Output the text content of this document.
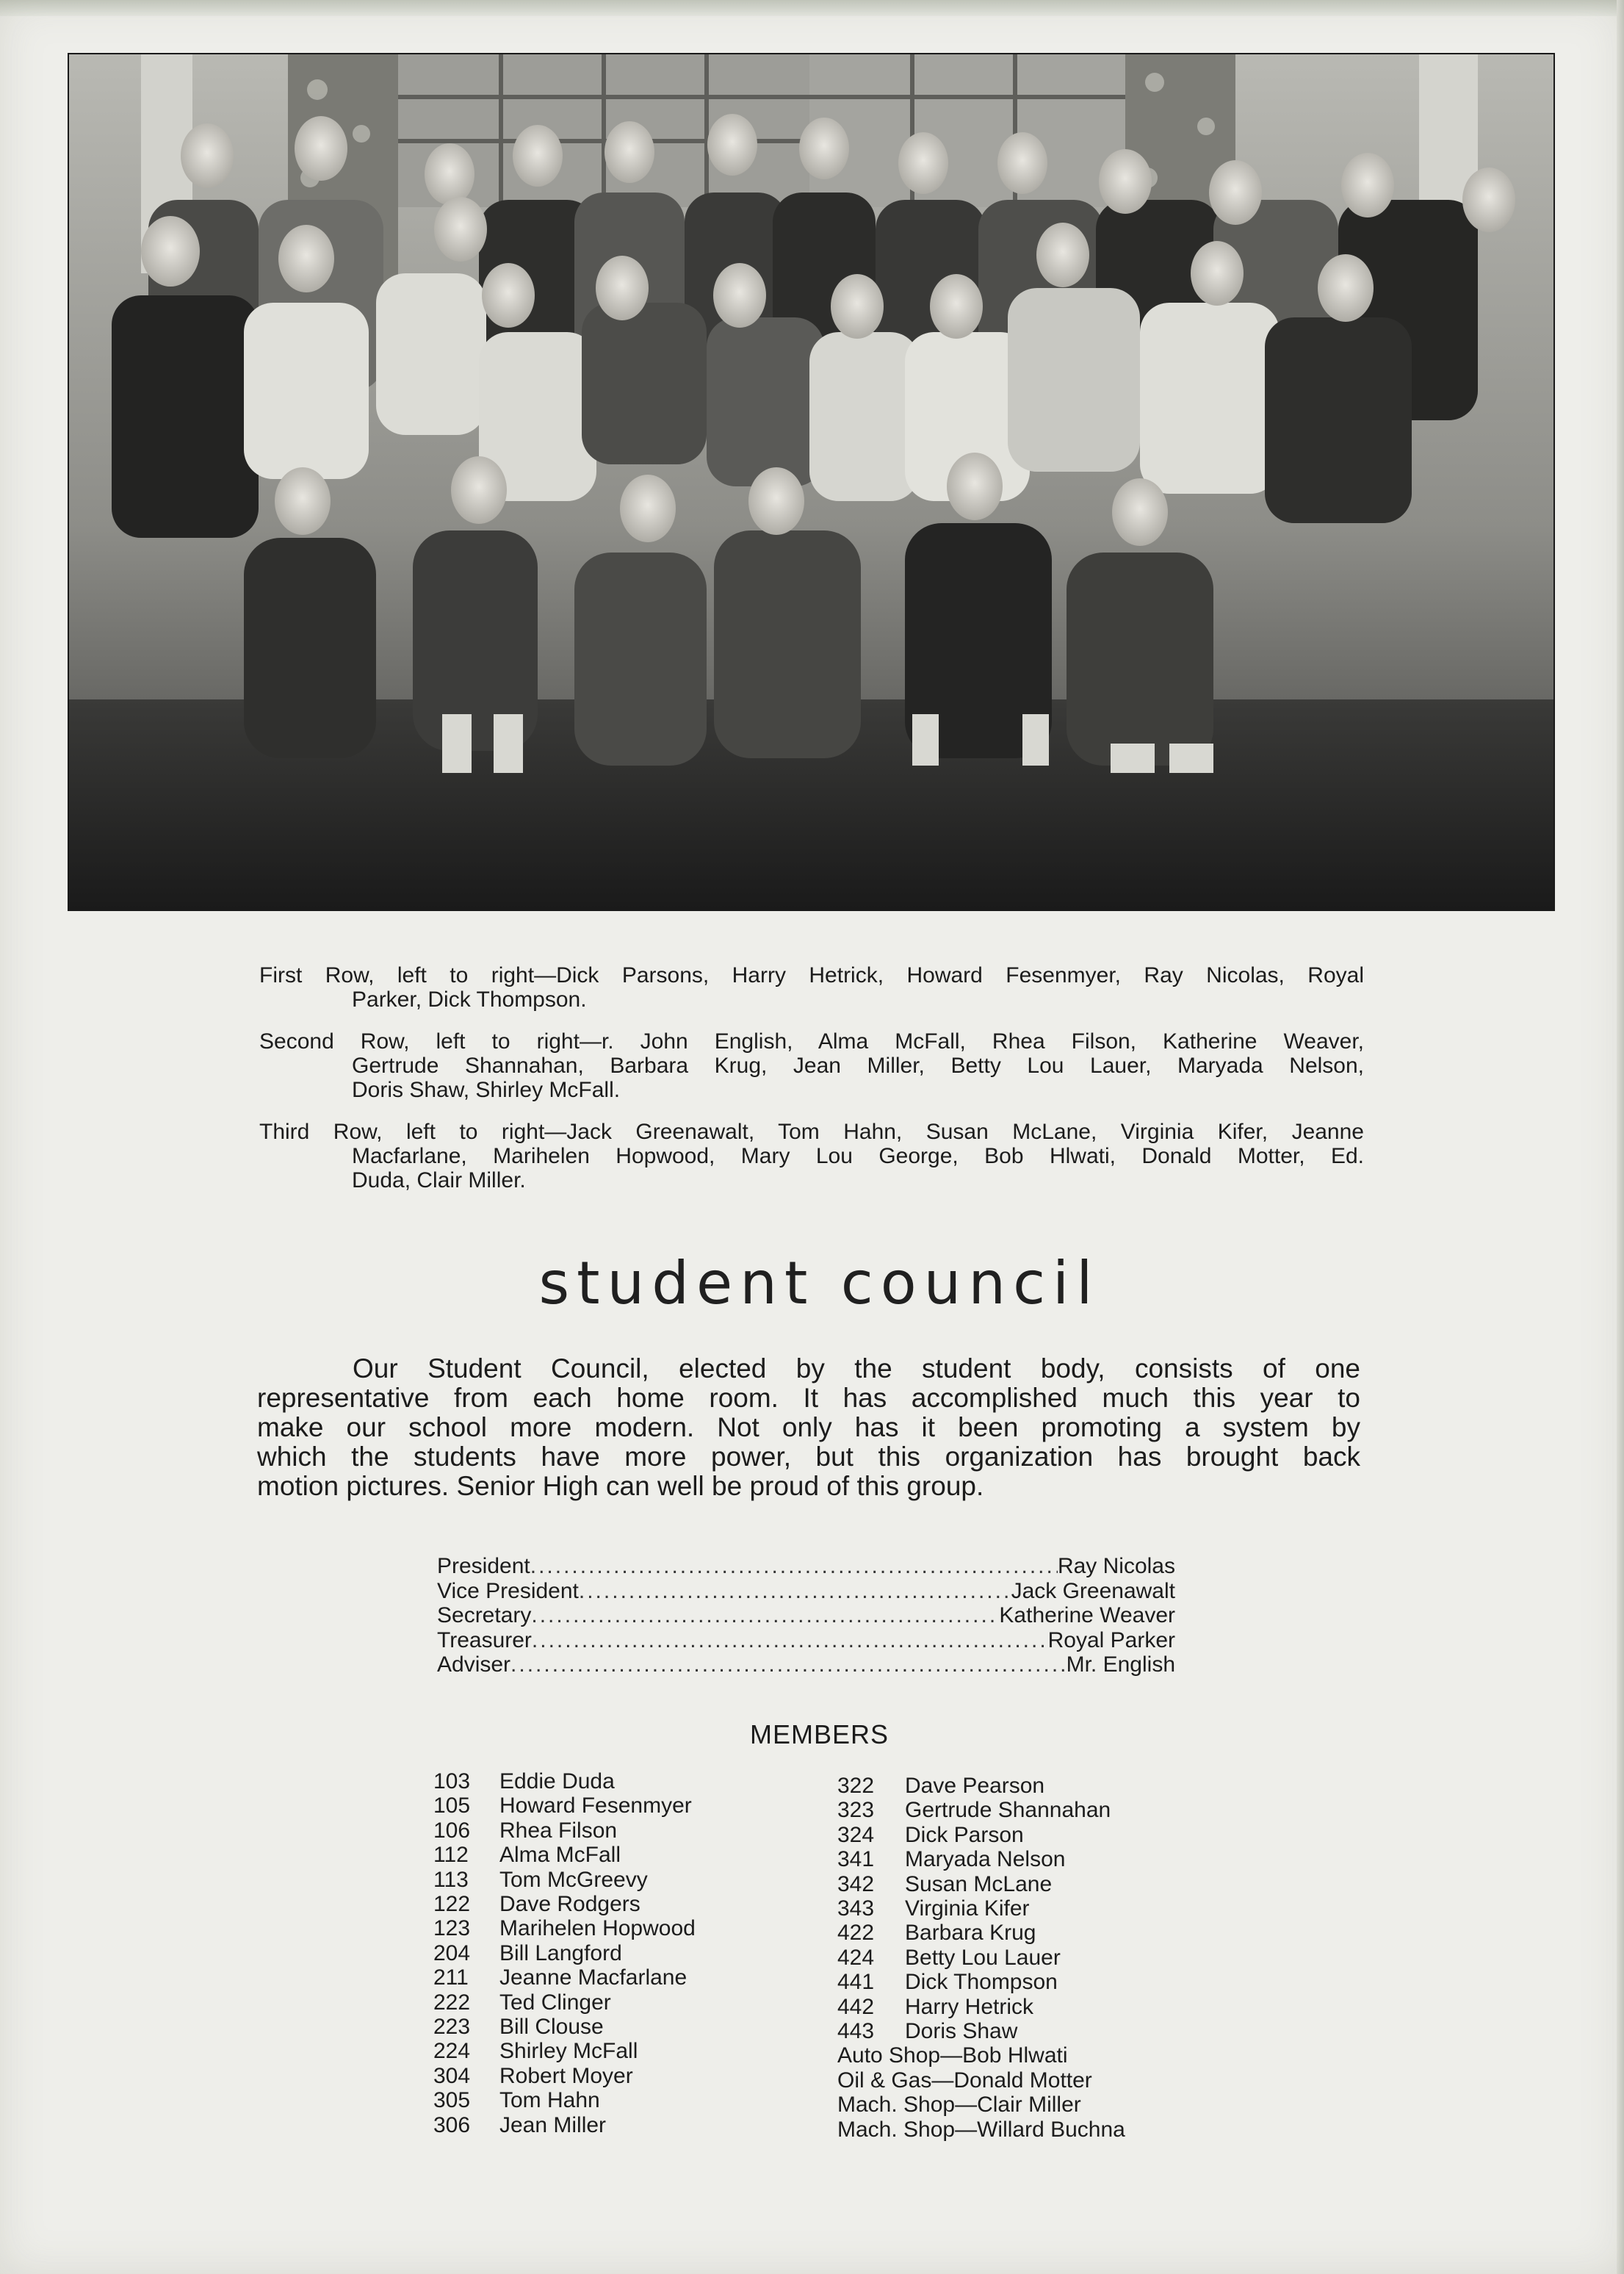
First Row, left to right—Dick Parsons, Harry Hetrick, Howard Fesenmyer, Ray Nicolas, Royal
Parker, Dick Thompson.
Second Row, left to right—r. John English, Alma McFall, Rhea Filson, Katherine Weaver,
Gertrude Shannahan, Barbara Krug, Jean Miller, Betty Lou Lauer, Maryada Nelson,
Doris Shaw, Shirley McFall.
Third Row, left to right—Jack Greenawalt, Tom Hahn, Susan McLane, Virginia Kifer, Jeanne
Macfarlane, Marihelen Hopwood, Mary Lou George, Bob Hlwati, Donald Motter, Ed.
Duda, Clair Miller.
student council
Our Student Council, elected by the student body, consists of one
representative from each home room. It has accomplished much this year to
make our school more modern. Not only has it been promoting a system by
which the students have more power, but this organization has brought back
motion pictures. Senior High can well be proud of this group.
President .....	Ray Nicolas
Vice President .....	Jack Greenawalt
Secretary .....	Katherine Weaver
Treasurer .....	Royal Parker
Adviser .....	Mr. English
MEMBERS
103	Eddie Duda
105	Howard Fesenmyer
106	Rhea Filson
112	Alma McFall
113	Tom McGreevy
122	Dave Rodgers
123	Marihelen Hopwood
204	Bill Langford
211	Jeanne Macfarlane
222	Ted Clinger
223	Bill Clouse
224	Shirley McFall
304	Robert Moyer
305	Tom Hahn
306	Jean Miller
322	Dave Pearson
323	Gertrude Shannahan
324	Dick Parson
341	Maryada Nelson
342	Susan McLane
343	Virginia Kifer
422	Barbara Krug
424	Betty Lou Lauer
441	Dick Thompson
442	Harry Hetrick
443	Doris Shaw
Auto Shop—Bob Hlwati
Oil & Gas—Donald Motter
Mach. Shop—Clair Miller
Mach. Shop—Willard Buchna
